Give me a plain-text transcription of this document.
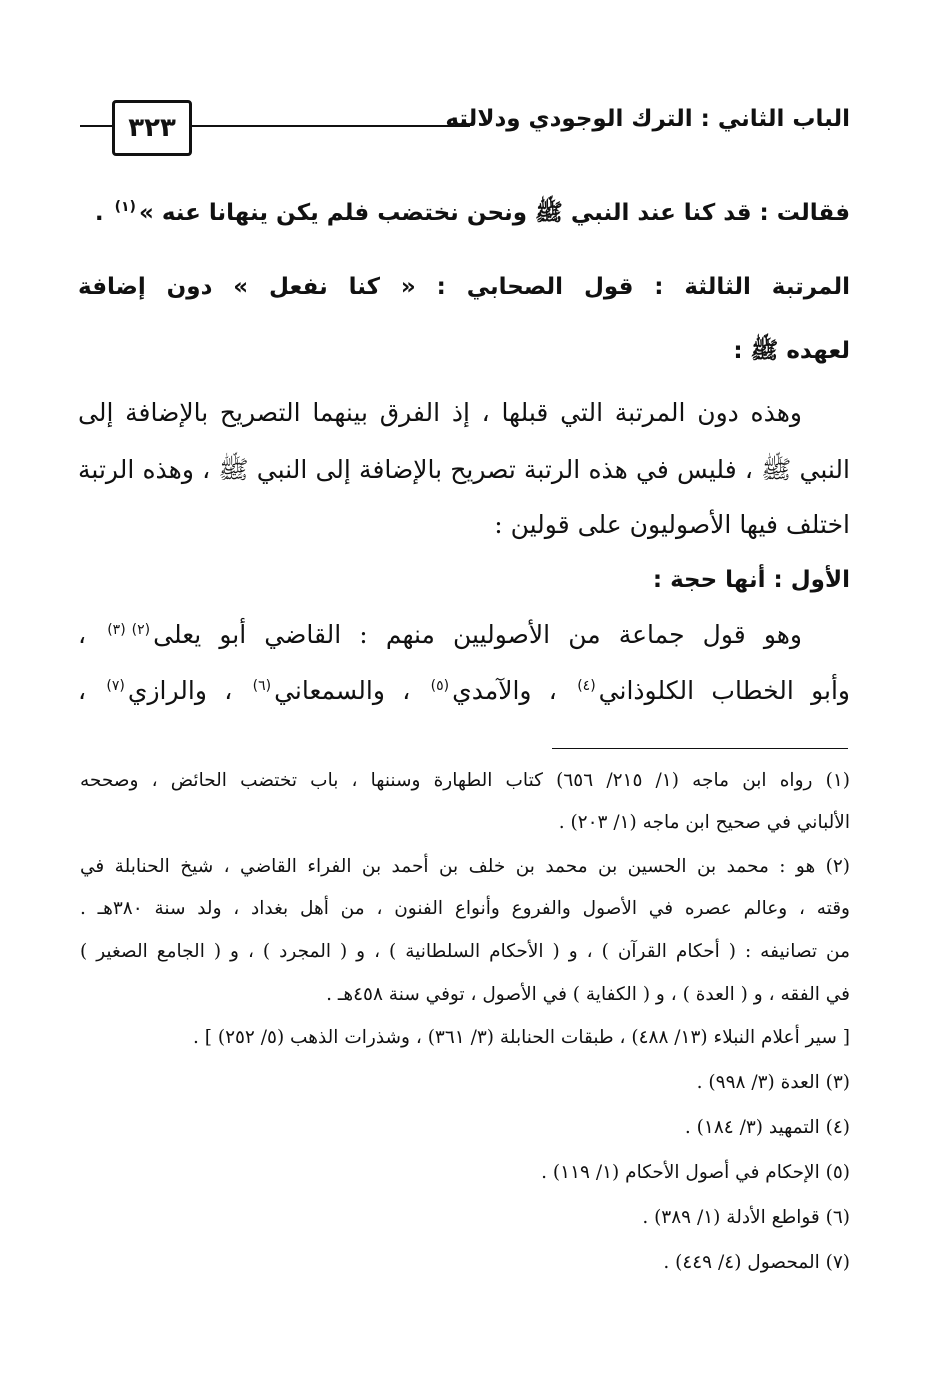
٣٢٣	الباب الثاني : الترك الوجودي ودلالته
فقالت : قد كنا عند النبي ﷺ ونحن نختضب فلم يكن ينهانا عنه »$^{(١)}$ .
المرتبة الثالثة : قول الصحابي : « كنا نفعل » دون إضافة
لعهده ﷺ :
وهذه دون المرتبة التي قبلها ، إذ الفرق بينهما التصريح بالإضافة إلى
النبي ﷺ ، فليس في هذه الرتبة تصريح بالإضافة إلى النبي ﷺ ، وهذه الرتبة
اختلف فيها الأصوليون على قولين :
الأول : أنها حجة :
وهو قول جماعة من الأصوليين منهم : القاضي أبو يعلى$^{(٢)(٣)}$ ،
وأبو الخطاب الكلوذاني$^{(٤)}$ ، والآمدي$^{(٥)}$ ، والسمعاني$^{(٦)}$ ، والرازي$^{(٧)}$ ،
(١) رواه ابن ماجه (١/ ٢١٥/ ٦٥٦) كتاب الطهارة وسننها ، باب تختضب الحائض ، وصححه
الألباني في صحيح ابن ماجه (١/ ٢٠٣) .
(٢) هو : محمد بن الحسين بن محمد بن خلف بن أحمد بن الفراء القاضي ، شيخ الحنابلة في
وقته ، وعالم عصره في الأصول والفروع وأنواع الفنون ، من أهل بغداد ، ولد سنة ٣٨٠هـ .
من تصانيفه : ( أحكام القرآن ) ، و ( الأحكام السلطانية ) ، و ( المجرد ) ، و ( الجامع الصغير )
في الفقه ، و ( العدة ) ، و ( الكفاية ) في الأصول ، توفي سنة ٤٥٨هـ .
[ سير أعلام النبلاء (١٣/ ٤٨٨) ، طبقات الحنابلة (٣/ ٣٦١) ، وشذرات الذهب (٥/ ٢٥٢) ] .
(٣) العدة (٣/ ٩٩٨) .
(٤) التمهيد (٣/ ١٨٤) .
(٥) الإحكام في أصول الأحكام (١/ ١١٩) .
(٦) قواطع الأدلة (١/ ٣٨٩) .
(٧) المحصول (٤/ ٤٤٩) .
